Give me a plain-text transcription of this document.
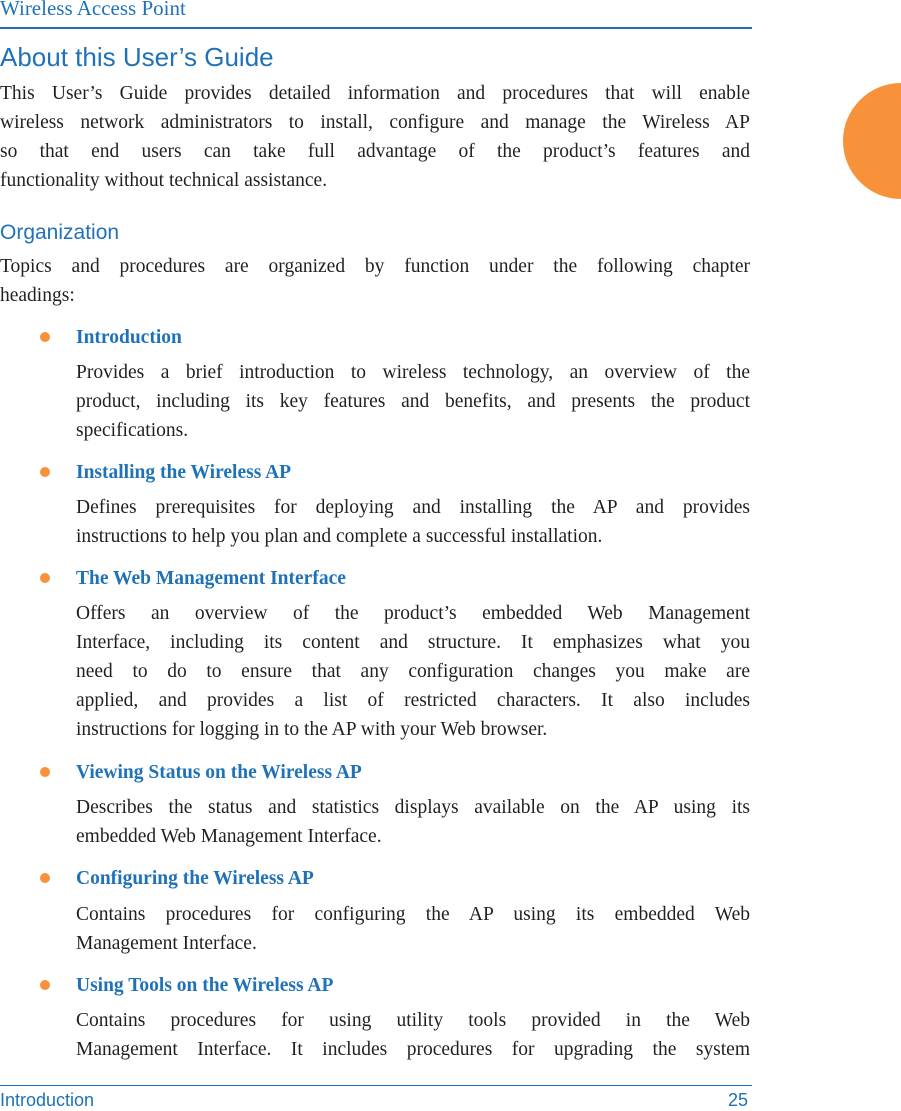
Wireless Access Point
About this User’s Guide
This User’s Guide provides detailed information and procedures that will enable
wireless network administrators to install, configure and manage the Wireless AP
so that end users can take full advantage of the product’s features and
functionality without technical assistance.
Organization
Topics and procedures are organized by function under the following chapter
headings:
Introduction
Provides a brief introduction to wireless technology, an overview of the
product, including its key features and benefits, and presents the product
specifications.
Installing the Wireless AP
Defines prerequisites for deploying and installing the AP and provides
instructions to help you plan and complete a successful installation.
The Web Management Interface
Offers an overview of the product’s embedded Web Management
Interface, including its content and structure. It emphasizes what you
need to do to ensure that any configuration changes you make are
applied, and provides a list of restricted characters. It also includes
instructions for logging in to the AP with your Web browser.
Viewing Status on the Wireless AP
Describes the status and statistics displays available on the AP using its
embedded Web Management Interface.
Configuring the Wireless AP
Contains procedures for configuring the AP using its embedded Web
Management Interface.
Using Tools on the Wireless AP
Contains procedures for using utility tools provided in the Web
Management Interface. It includes procedures for upgrading the system
Introduction	25
